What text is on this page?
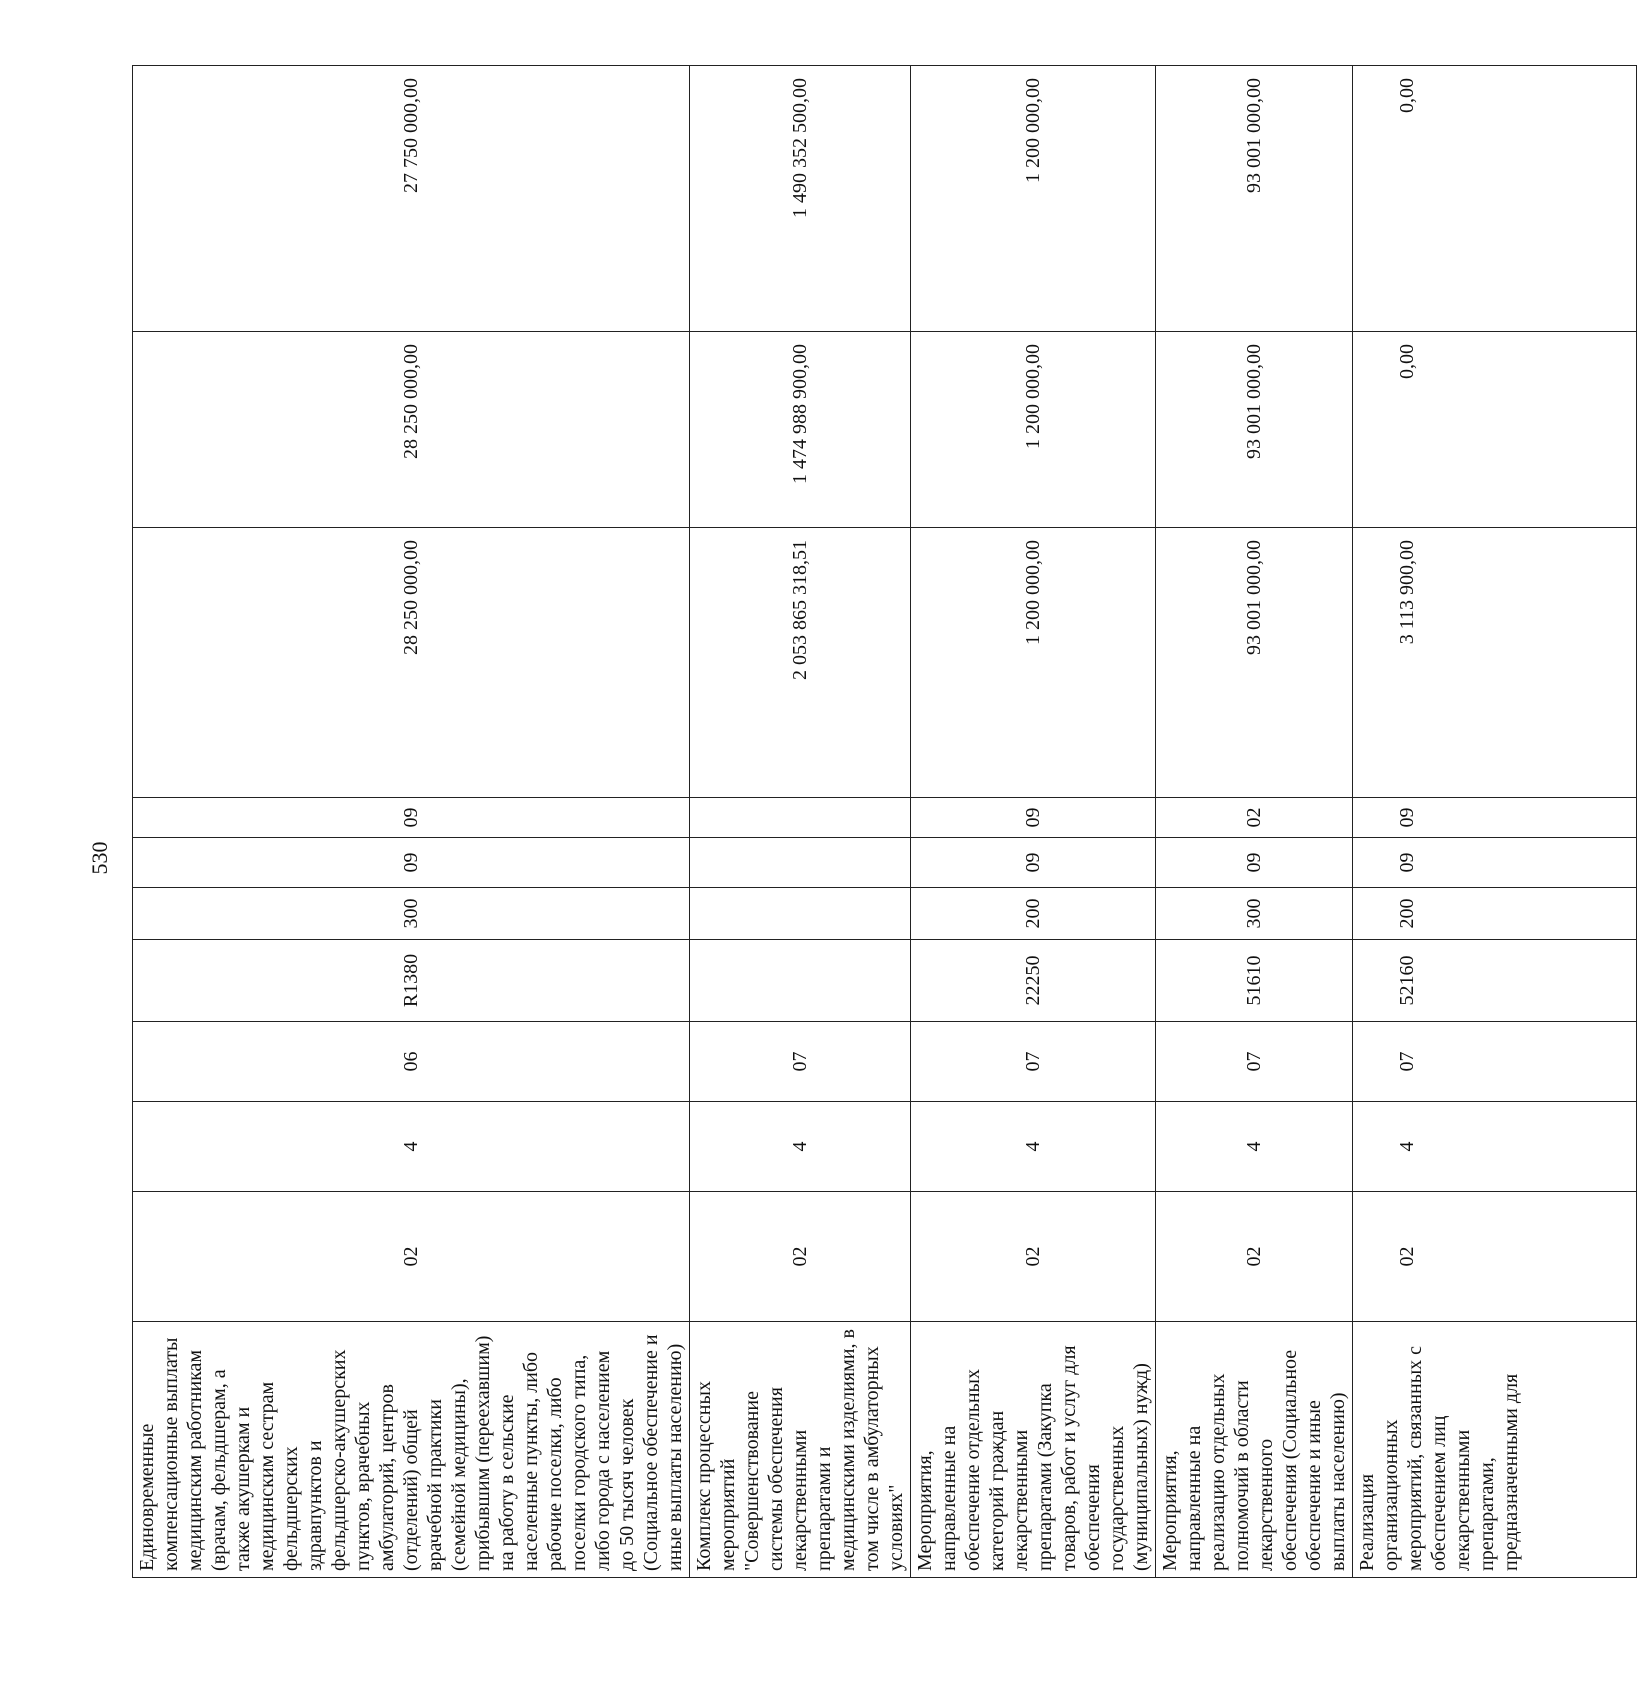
530
Единовременные компенсационные выплаты медицинским работникам (врачам, фельдшерам, а также акушеркам и медицинским сестрам фельдшерских здравпунктов и фельдшерско-акушерских пунктов, врачебных амбулаторий, центров (отделений) общей врачебной практики (семейной медицины), прибывшим (переехавшим) на работу в сельские населенные пункты, либо рабочие поселки, либо поселки городского типа, либо города с населением до 50 тысяч человек (Социальное обеспечение и иные выплаты населению)	02	4	06	R1380	300	09	09	28 250 000,00	28 250 000,00	27 750 000,00
Комплекс процессных мероприятий "Совершенствование системы обеспечения лекарственными препаратами и медицинскими изделиями, в том числе в амбулаторных условиях"	02	4	07					2 053 865 318,51	1 474 988 900,00	1 490 352 500,00
Мероприятия, направленные на обеспечение отдельных категорий граждан лекарственными препаратами (Закупка товаров, работ и услуг для обеспечения государственных (муниципальных) нужд)	02	4	07	22250	200	09	09	1 200 000,00	1 200 000,00	1 200 000,00
Мероприятия, направленные на реализацию отдельных полномочий в области лекарственного обеспечения (Социальное обеспечение и иные выплаты населению)	02	4	07	51610	300	09	02	93 001 000,00	93 001 000,00	93 001 000,00
Реализация организационных мероприятий, связанных с обеспечением лиц лекарственными препаратами, предназначенными для	02	4	07	52160	200	09	09	3 113 900,00	0,00	0,00
